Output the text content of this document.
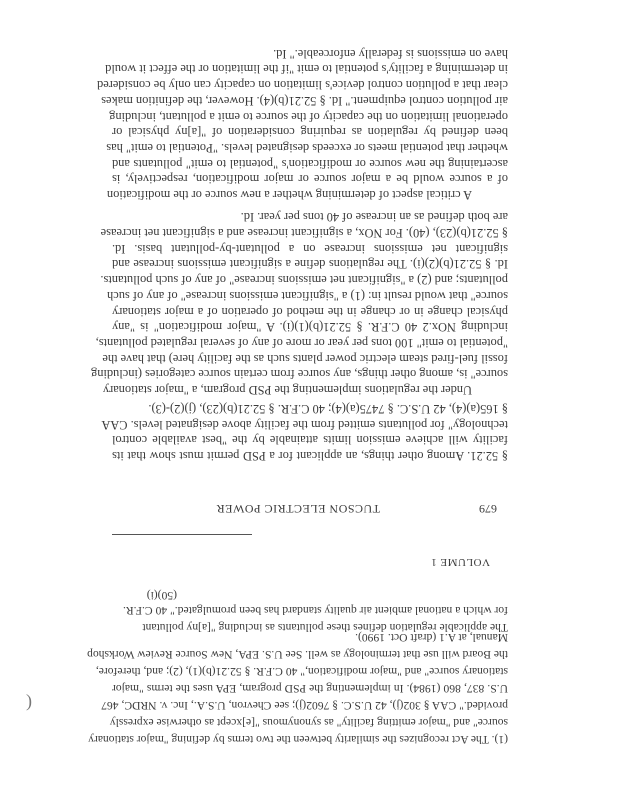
(1). The Act recognizes the similarity between the two terms by defining "major stationary
source" and "major emitting facility" as synonymous "[e]xcept as otherwise expressly
provided." CAA § 302(j), 42 U.S.C. § 7602(j); see Chevron, U.S.A., Inc. v. NRDC, 467
U.S. 837, 860 (1984). In implementing the PSD program, EPA uses the terms "major
stationary source" and "major modification," 40 C.F.R. § 52.21(b)(1), (2); and, therefore,
the Board will use that terminology as well. See U.S. EPA, New Source Review Workshop
Manual, at A.1 (draft Oct. 1990).
The applicable regulation defines these pollutants as including "[a]ny pollutant
for which a national ambient air quality standard has been promulgated." 40 C.F.R.
(50)(i)
VOLUME 1
679
TUCSON ELECTRIC POWER
§ 52.21. Among other things, an applicant for a PSD permit must show that its
facility will achieve emission limits attainable by the "best available control
technology" for pollutants emitted from the facility above designated levels. CAA
§ 165(a)(4), 42 U.S.C. § 7475(a)(4); 40 C.F.R. § 52.21(b)(23), (j)(2)-(3).
Under the regulations implementing the PSD program, a "major stationary
source" is, among other things, any source from certain source categories (including
fossil fuel-fired steam electric power plants such as the facility here) that have the
"potential to emit" 100 tons per year or more of any of several regulated pollutants,
including NOx.2 40 C.F.R. § 52.21(b)(1)(i). A "major modification" is "any
physical change in or change in the method of operation of a major stationary
source" that would result in: (1) a "significant emissions increase" of any of such
pollutants; and (2) a "significant net emissions increase" of any of such pollutants.
Id. § 52.21(b)(2)(i). The regulations define a significant emissions increase and
significant net emissions increase on a pollutant-by-pollutant basis. Id.
§ 52.21(b)(23), (40). For NOx, a significant increase and a significant net increase
are both defined as an increase of 40 tons per year. Id.
A critical aspect of determining whether a new source or the modification
of a source would be a major source or major modification, respectively, is
ascertaining the new source or modification's "potential to emit" pollutants and
whether that potential meets or exceeds designated levels. "Potential to emit" has
been defined by regulation as requiring consideration of "[a]ny physical or
operational limitation on the capacity of the source to emit a pollutant, including
air pollution control equipment." Id. § 52.21(b)(4). However, the definition makes
clear that a pollution control device's limitation on capacity can only be considered
in determining a facility's potential to emit "if the limitation or the effect it would
have on emissions is federally enforceable." Id.
(
